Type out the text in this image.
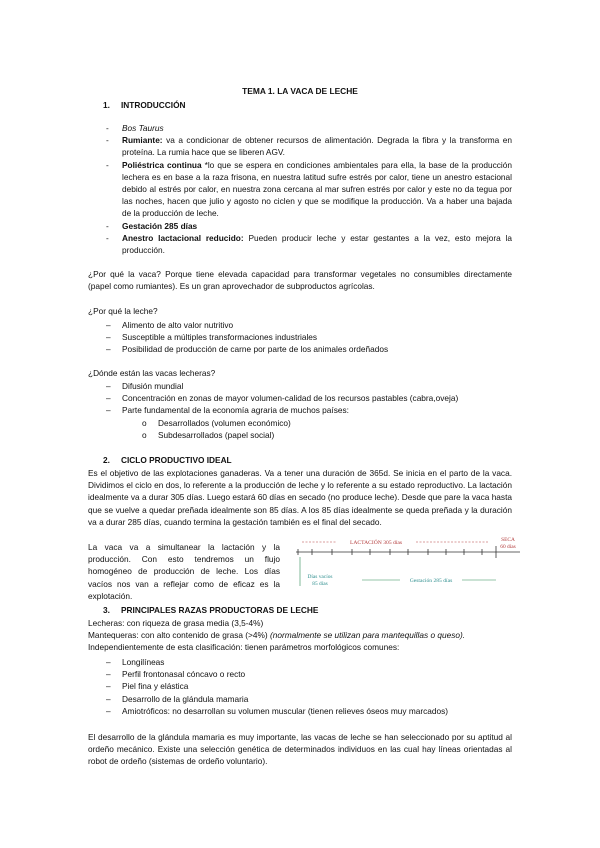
TEMA 1. LA VACA DE LECHE
1. INTRODUCCIÓN
- Bos Taurus
- Rumiante: va a condicionar de obtener recursos de alimentación. Degrada la fibra y la transforma en proteína. La rumia hace que se liberen AGV.
- Poliéstrica continua *lo que se espera en condiciones ambientales para ella, la base de la producción lechera es en base a la raza frisona, en nuestra latitud sufre estrés por calor, tiene un anestro estacional debido al estrés por calor, en nuestra zona cercana al mar sufren estrés por calor y este no da tegua por las noches, hacen que julio y agosto no ciclen y que se modifique la producción. Va a haber una bajada de la producción de leche.
- Gestación 285 días
- Anestro lactacional reducido: Pueden producir leche y estar gestantes a la vez, esto mejora la producción.
¿Por qué la vaca? Porque tiene elevada capacidad para transformar vegetales no consumibles directamente (papel como rumiantes). Es un gran aprovechador de subproductos agrícolas.
¿Por qué la leche?
– Alimento de alto valor nutritivo
– Susceptible a múltiples transformaciones industriales
– Posibilidad de producción de carne por parte de los animales ordeñados
¿Dónde están las vacas lecheras?
– Difusión mundial
– Concentración en zonas de mayor volumen-calidad de los recursos pastables (cabra,oveja)
– Parte fundamental de la economía agraria de muchos países:
o Desarrollados (volumen económico)
o Subdesarrollados (papel social)
2. CICLO PRODUCTIVO IDEAL
Es el objetivo de las explotaciones ganaderas. Va a tener una duración de 365d. Se inicia en el parto de la vaca. Dividimos el ciclo en dos, lo referente a la producción de leche y lo referente a su estado reproductivo. La lactación idealmente va a durar 305 días. Luego estará 60 días en secado (no produce leche). Desde que pare la vaca hasta que se vuelve a quedar preñada idealmente son 85 días. A los 85 días idealmente se queda preñada y la duración va a durar 285 días, cuando termina la gestación también es el final del secado.
La vaca va a simultanear la lactación y la producción. Con esto tendremos un flujo homogéneo de producción de leche. Los días vacíos nos van a reflejar como de eficaz es la explotación.
LACTACIÓN 305 días	SECA
60 días
Días vacíos
85 días	Gestación 285 días
3. PRINCIPALES RAZAS PRODUCTORAS DE LECHE
Lecheras: con riqueza de grasa media (3,5-4%)
Mantequeras: con alto contenido de grasa (>4%) (normalmente se utilizan para mantequillas o queso).
Independientemente de esta clasificación: tienen parámetros morfológicos comunes:
– Longilíneas
– Perfil frontonasal cóncavo o recto
– Piel fina y elástica
– Desarrollo de la glándula mamaria
– Amiotróficos: no desarrollan su volumen muscular (tienen relieves óseos muy marcados)
El desarrollo de la glándula mamaria es muy importante, las vacas de leche se han seleccionado por su aptitud al ordeño mecánico. Existe una selección genética de determinados individuos en las cual hay líneas orientadas al robot de ordeño (sistemas de ordeño voluntario).
